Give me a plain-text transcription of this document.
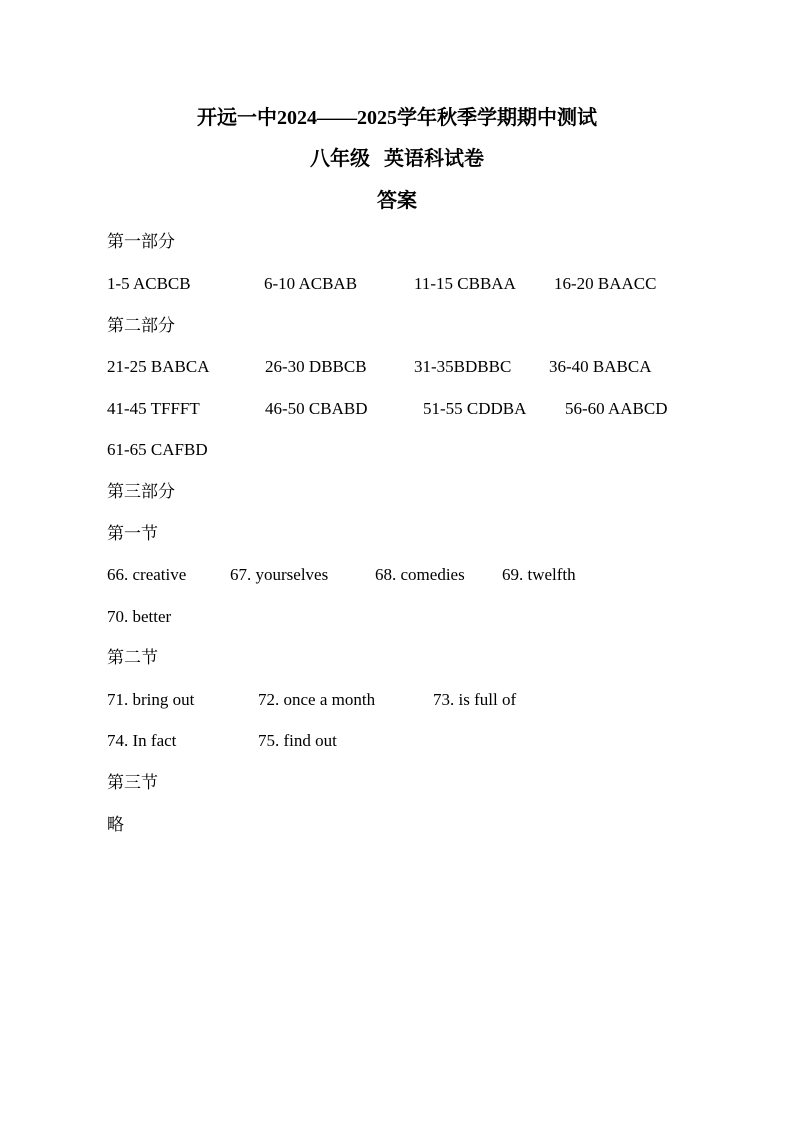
开远一中2024——2025学年秋季学期期中测试
八年级 英语科试卷
答案
第一部分
1-5 ACBCB	6-10 ACBAB	11-15 CBBAA 16-20 BAACC
第二部分
21-25 BABCA	26-30 DBBCB	31-35BDBBC 36-40 BABCA
41-45 TFFFT	46-50 CBABD	51-55 CDDBA 56-60 AABCD
61-65 CAFBD
第三部分
第一节
66. creative	67. yourselves	68. comedies 69. twelfth
70. better
第二节
71. bring out	72. once a month	73. is full of
74. In fact	75. find out
第三节
略
